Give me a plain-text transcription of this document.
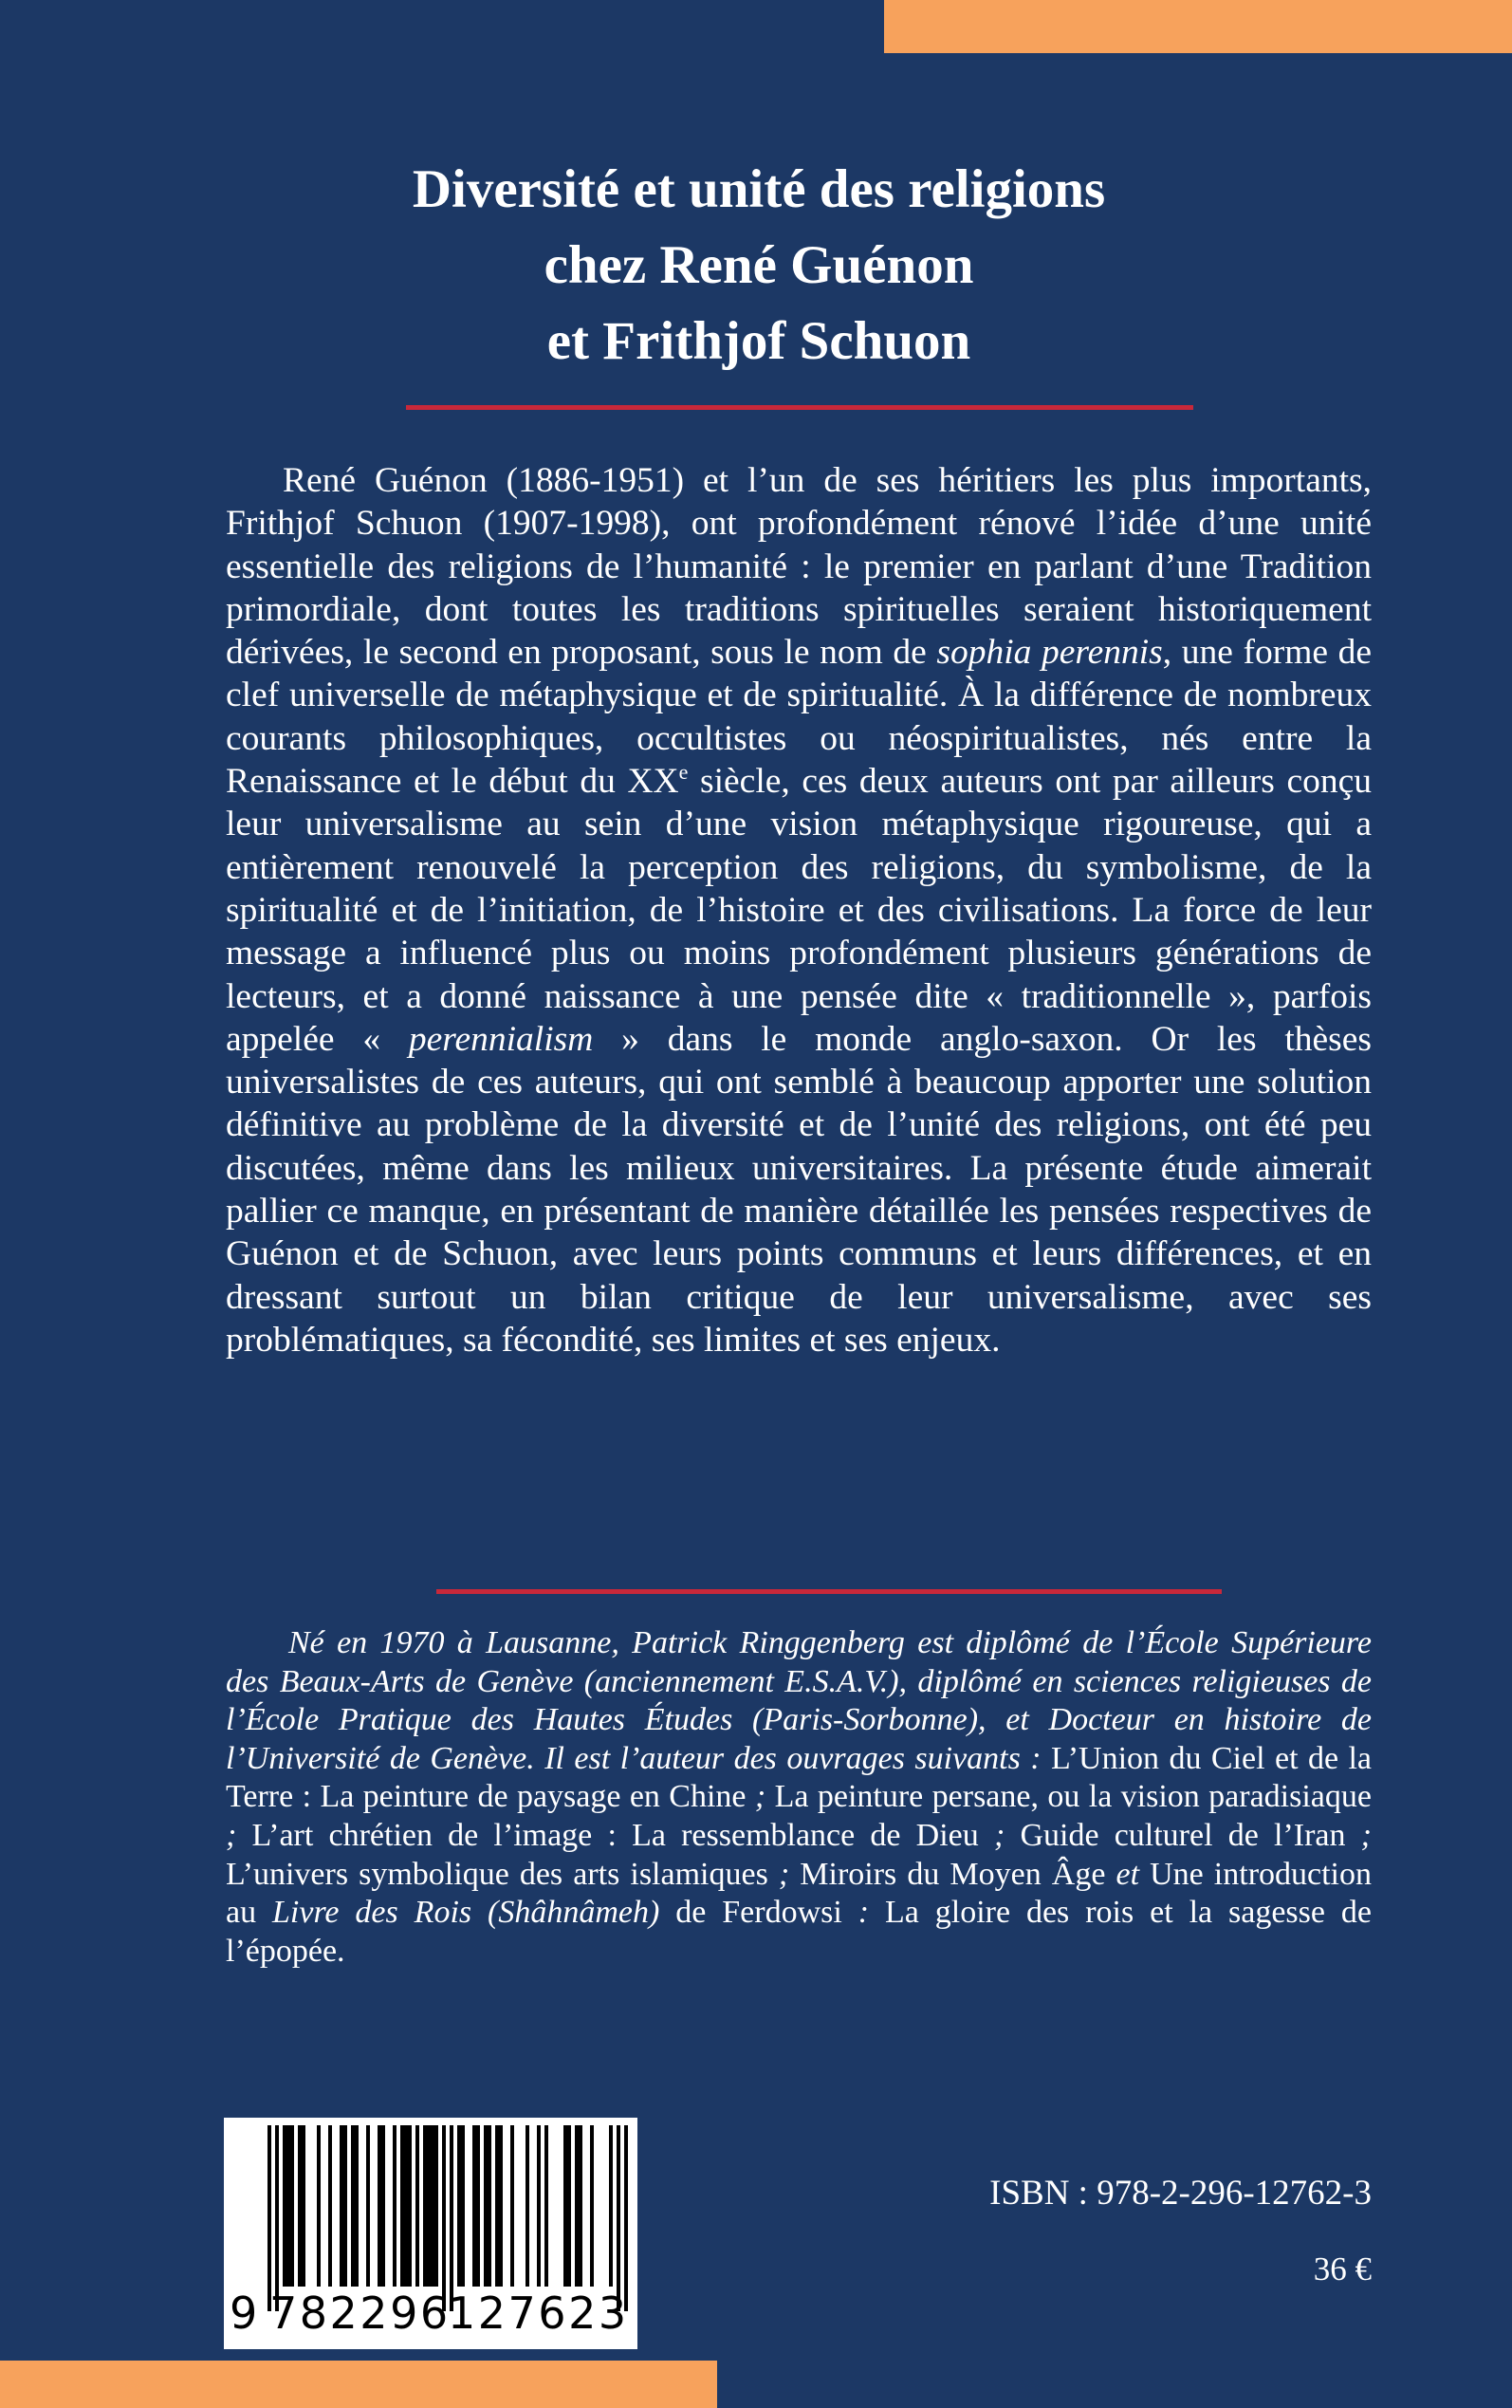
Diversité et unité des religions
chez René Guénon
et Frithjof Schuon

René Guénon (1886-1951) et l’un de ses héritiers les plus importants, Frithjof Schuon (1907-1998), ont profondément rénové l’idée d’une unité essentielle des religions de l’humanité : le premier en parlant d’une Tradition primordiale, dont toutes les traditions spirituelles seraient historiquement dérivées, le second en proposant, sous le nom de sophia perennis, une forme de clef universelle de métaphysique et de spiritualité. À la différence de nombreux courants philosophiques, occultistes ou néospiritualistes, nés entre la Renaissance et le début du XXe siècle, ces deux auteurs ont par ailleurs conçu leur universalisme au sein d’une vision métaphysique rigoureuse, qui a entièrement renouvelé la perception des religions, du symbolisme, de la spiritualité et de l’initiation, de l’histoire et des civilisations. La force de leur message a influencé plus ou moins profondément plusieurs générations de lecteurs, et a donné naissance à une pensée dite « traditionnelle », parfois appelée « perennialism » dans le monde anglo-saxon. Or les thèses universalistes de ces auteurs, qui ont semblé à beaucoup apporter une solution définitive au problème de la diversité et de l’unité des religions, ont été peu discutées, même dans les milieux universitaires. La présente étude aimerait pallier ce manque, en présentant de manière détaillée les pensées respectives de Guénon et de Schuon, avec leurs points communs et leurs différences, et en dressant surtout un bilan critique de leur universalisme, avec ses problématiques, sa fécondité, ses limites et ses enjeux.

Né en 1970 à Lausanne, Patrick Ringgenberg est diplômé de l’École Supérieure des Beaux-Arts de Genève (anciennement E.S.A.V.), diplômé en sciences religieuses de l’École Pratique des Hautes Études (Paris-Sorbonne), et Docteur en histoire de l’Université de Genève. Il est l’auteur des ouvrages suivants : L’Union du Ciel et de la Terre : La peinture de paysage en Chine ; La peinture persane, ou la vision paradisiaque ; L’art chrétien de l’image : La ressemblance de Dieu ; Guide culturel de l’Iran ; L’univers symbolique des arts islamiques ; Miroirs du Moyen Âge et Une introduction au Livre des Rois (Shâhnâmeh) de Ferdowsi : La gloire des rois et la sagesse de l’épopée.

9 782296
127623

ISBN : 978-2-296-12762-3

36 €
